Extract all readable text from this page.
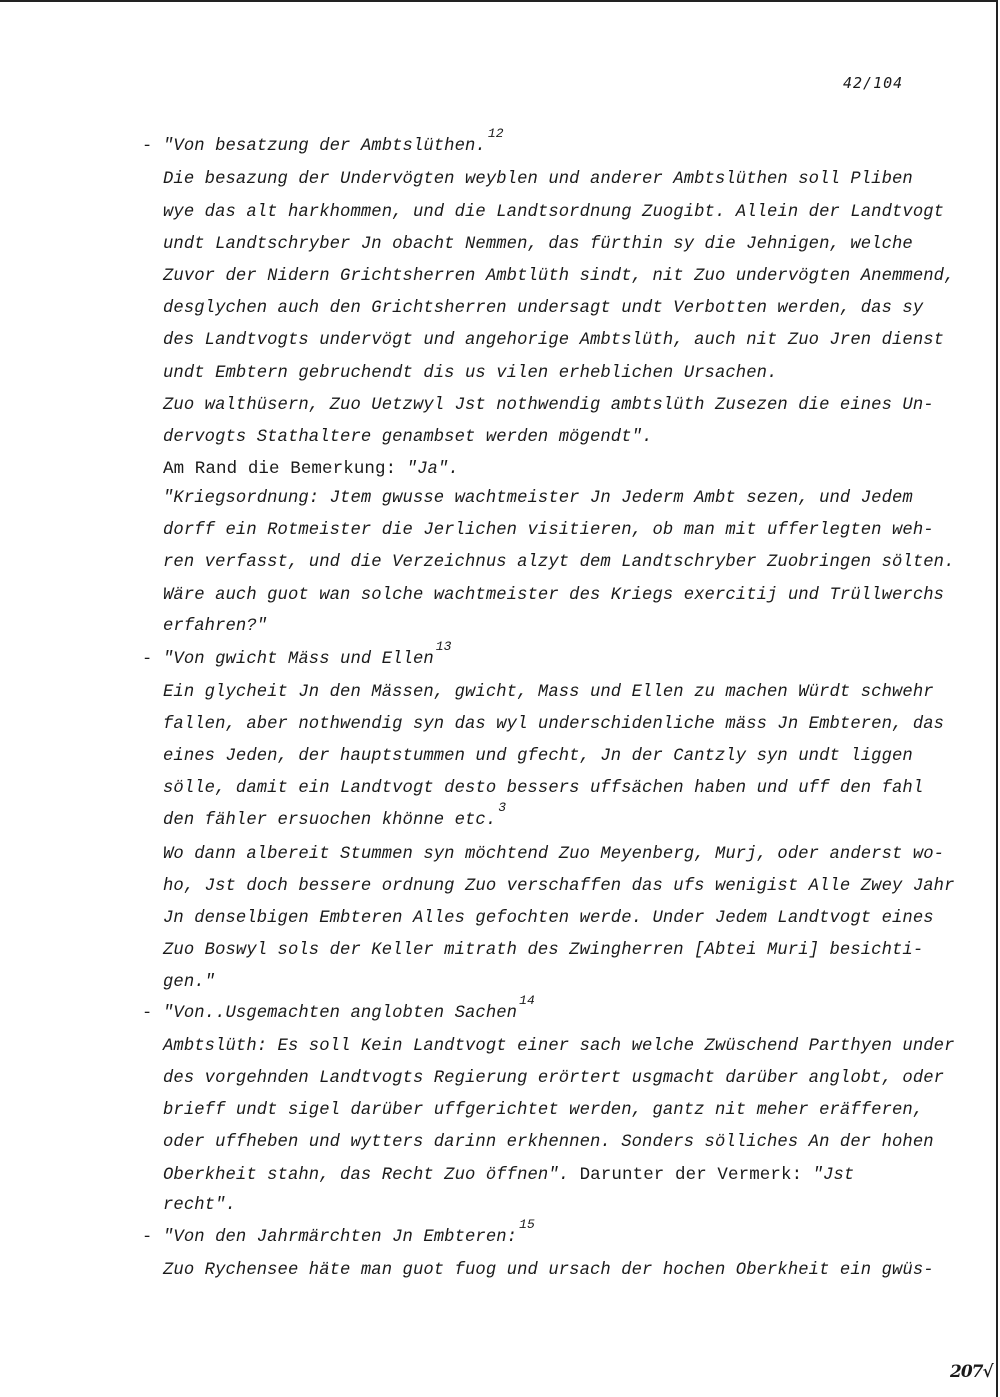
42/104
- "Von besatzung der Ambtslüthen.$^{12}$
Die besazung der Undervögten weyblen und anderer Ambtslüthen soll Pliben
wye das alt harkhommen, und die Landtsordnung Zuogibt. Allein der Landtvogt
undt Landtschryber Jn obacht Nemmen, das fürthin sy die Jehnigen, welche
Zuvor der Nidern Grichtsherren Ambtlüth sindt, nit Zuo undervögten Anemmend,
desglychen auch den Grichtsherren undersagt undt Verbotten werden, das sy
des Landtvogts undervögt und angehorige Ambtslüth, auch nit Zuo Jren dienst
undt Embtern gebruchendt dis us vilen erheblichen Ursachen.
Zuo walthüsern, Zuo Uetzwyl Jst nothwendig ambtslüth Zusezen die eines Un-
dervogts Stathaltere genambset werden mögendt".
Am Rand die Bemerkung: "Ja".
"Kriegsordnung: Jtem gwusse wachtmeister Jn Jederm Ambt sezen, und Jedem
dorff ein Rotmeister die Jerlichen visitieren, ob man mit ufferlegten weh-
ren verfasst, und die Verzeichnus alzyt dem Landtschryber Zuobringen sölten.
Wäre auch guot wan solche wachtmeister des Kriegs exercitij und Trüllwerchs
erfahren?"
- "Von gwicht Mäss und Ellen$^{13}$
Ein glycheit Jn den Mässen, gwicht, Mass und Ellen zu machen Würdt schwehr
fallen, aber nothwendig syn das wyl underschidenliche mäss Jn Embteren, das
eines Jeden, der hauptstummen und gfecht, Jn der Cantzly syn undt liggen
sölle, damit ein Landtvogt desto bessers uffsächen haben und uff den fahl
den fähler ersuochen khönne etc.$^3$
Wo dann albereit Stummen syn möchtend Zuo Meyenberg, Murj, oder anderst wo-
ho, Jst doch bessere ordnung Zuo verschaffen das ufs wenigist Alle Zwey Jahr
Jn denselbigen Embteren Alles gefochten werde. Under Jedem Landtvogt eines
Zuo Boswyl sols der Keller mitrath des Zwingherren [Abtei Muri] besichti-
gen."
- "Von..Usgemachten anglobten Sachen$^{14}$
Ambtslüth: Es soll Kein Landtvogt einer sach welche Zwüschend Parthyen under
des vorgehnden Landtvogts Regierung erörtert usgmacht darüber anglobt, oder
brieff undt sigel darüber uffgerichtet werden, gantz nit meher eräfferen,
oder uffheben und wytters darinn erkhennen. Sonders sölliches An der hohen
Oberkheit stahn, das Recht Zuo öffnen". Darunter der Vermerk: "Jst
recht".
- "Von den Jahrmärchten Jn Embteren:$^{15}$
Zuo Rychensee häte man guot fuog und ursach der hochen Oberkheit ein gwüs-
207√
